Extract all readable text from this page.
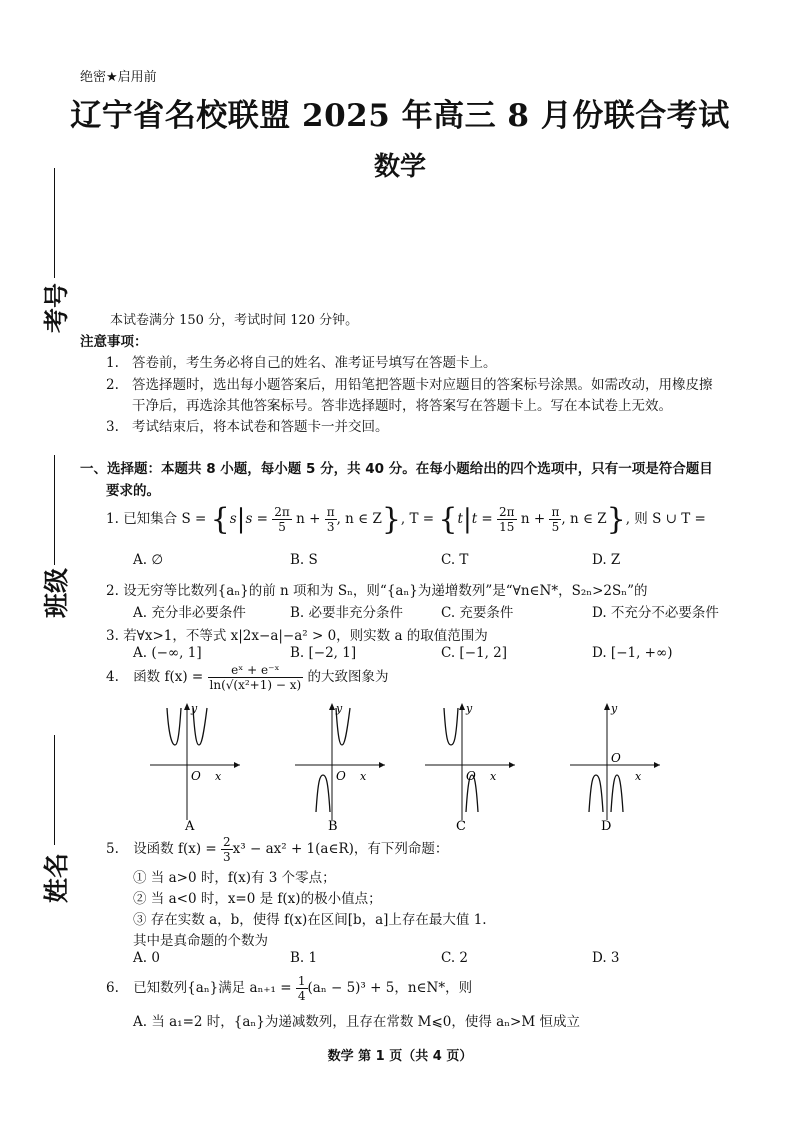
绝密★启用前
辽宁省名校联盟 2025 年高三 8 月份联合考试
数学
考号
班级
姓名
本试卷满分 150 分，考试时间 120 分钟。
注意事项：
1. 答卷前，考生务必将自己的姓名、准考证号填写在答题卡上。
2. 答选择题时，选出每小题答案后，用铅笔把答题卡对应题目的答案标号涂黑。如需改动，用橡皮擦
干净后，再选涂其他答案标号。答非选择题时，将答案写在答题卡上。写在本试卷上无效。
3. 考试结束后，将本试卷和答题卡一并交回。
一、选择题：本题共 8 小题，每小题 5 分，共 40 分。在每小题给出的四个选项中，只有一项是符合题目
要求的。
1. 已知集合 $S = \{s|s = \frac{2\pi}{5}$ $n + \frac{\pi}{3}$ , n ∈ Z}, $T = \{t|t = \frac{2\pi}{15}$ $n + \frac{\pi}{5}$ , n ∈ Z}, 则 S ∪ T =
A. ∅	B. S	C. T	D. Z
2. 设无穷等比数列{aₙ}的前 n 项和为 Sₙ，则“{aₙ}为递增数列”是“∀n∈N*，S₂ₙ>2Sₙ”的
A. 充分非必要条件	B. 必要非充分条件	C. 充要条件	D. 不充分不必要条件
3. 若∀x>1，不等式 x|2x−a|−a² > 0，则实数 a 的取值范围为
A. (−∞, 1]	B. [−2, 1]	C. [−1, 2]	D. [−1, +∞)
4. 函数 $f(x) = \frac{\text{eˣ + e⁻ˣ}}{\text{ln(√(x²+1) − x)}}$ 的大致图象为
y
O x
A
y
O x
B
y
O x
C
y
O
x
D
5. 设函数 $f(x) = \frac{2}{3} x^3 - ax^2$ + 1(a∈R)，有下列命题：
① 当 a>0 时，f(x)有 3 个零点；
② 当 a<0 时，x=0 是 f(x)的极小值点；
③ 存在实数 a，b，使得 f(x)在区间[b，a]上存在最大值 1.
其中是真命题的个数为
A. 0	B. 1	C. 2	D. 3
6. 已知数列{aₙ}满足 $a_{n+1} = \frac{1}{4} (a_n - 5)^3 + 5$，n∈N*，则
A. 当 a₁=2 时，{aₙ}为递减数列，且存在常数 M⩽0，使得 aₙ>M 恒成立
数学 第 1 页（共 4 页）
